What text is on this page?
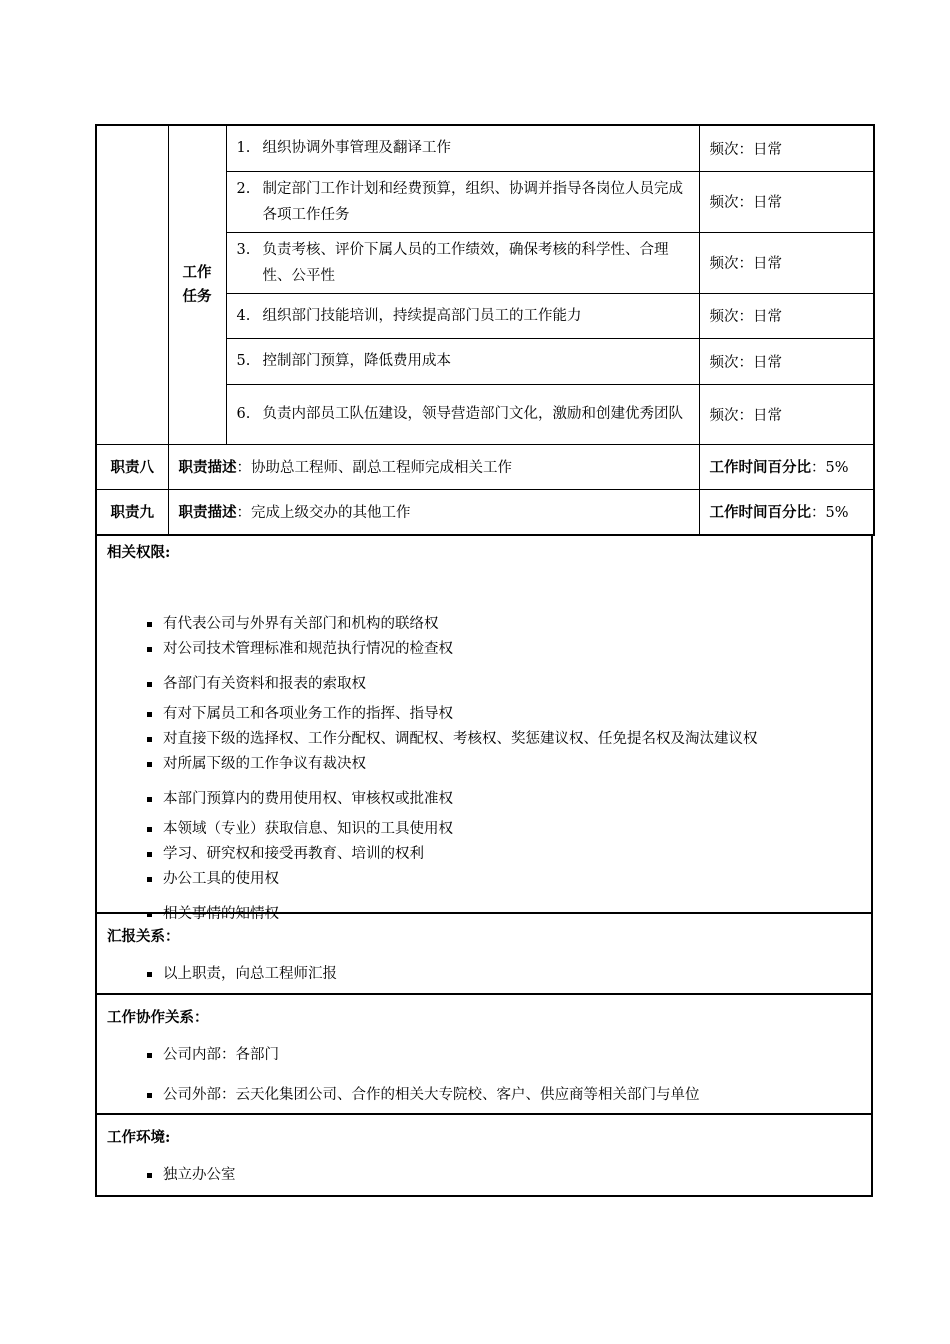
	工作
任务	1. 组织协调外事管理及翻译工作	频次：日常

		2. 制定部门工作计划和经费预算，组织、协调并指导各岗位人员完成各项工作任务	频次：日常

		3. 负责考核、评价下属人员的工作绩效，确保考核的科学性、合理性、公平性	频次：日常

		4. 组织部门技能培训，持续提高部门员工的工作能力	频次：日常

		5. 控制部门预算，降低费用成本	频次：日常

		6. 负责内部员工队伍建设，领导营造部门文化，激励和创建优秀团队	频次：日常
职责八	职责描述：协助总工程师、副总工程师完成相关工作		工作时间百分比：5%
职责九	职责描述：完成上级交办的其他工作		工作时间百分比：5%
相关权限:
有代表公司与外界有关部门和机构的联络权
对公司技术管理标准和规范执行情况的检查权
各部门有关资料和报表的索取权
有对下属员工和各项业务工作的指挥、指导权
对直接下级的选择权、工作分配权、调配权、考核权、奖惩建议权、任免提名权及淘汰建议权
对所属下级的工作争议有裁决权
本部门预算内的费用使用权、审核权或批准权
本领域（专业）获取信息、知识的工具使用权
学习、研究权和接受再教育、培训的权利
办公工具的使用权
相关事情的知情权
汇报关系：
以上职责，向总工程师汇报
工作协作关系：
公司内部：各部门
公司外部：云天化集团公司、合作的相关大专院校、客户、供应商等相关部门与单位
工作环境:
独立办公室
